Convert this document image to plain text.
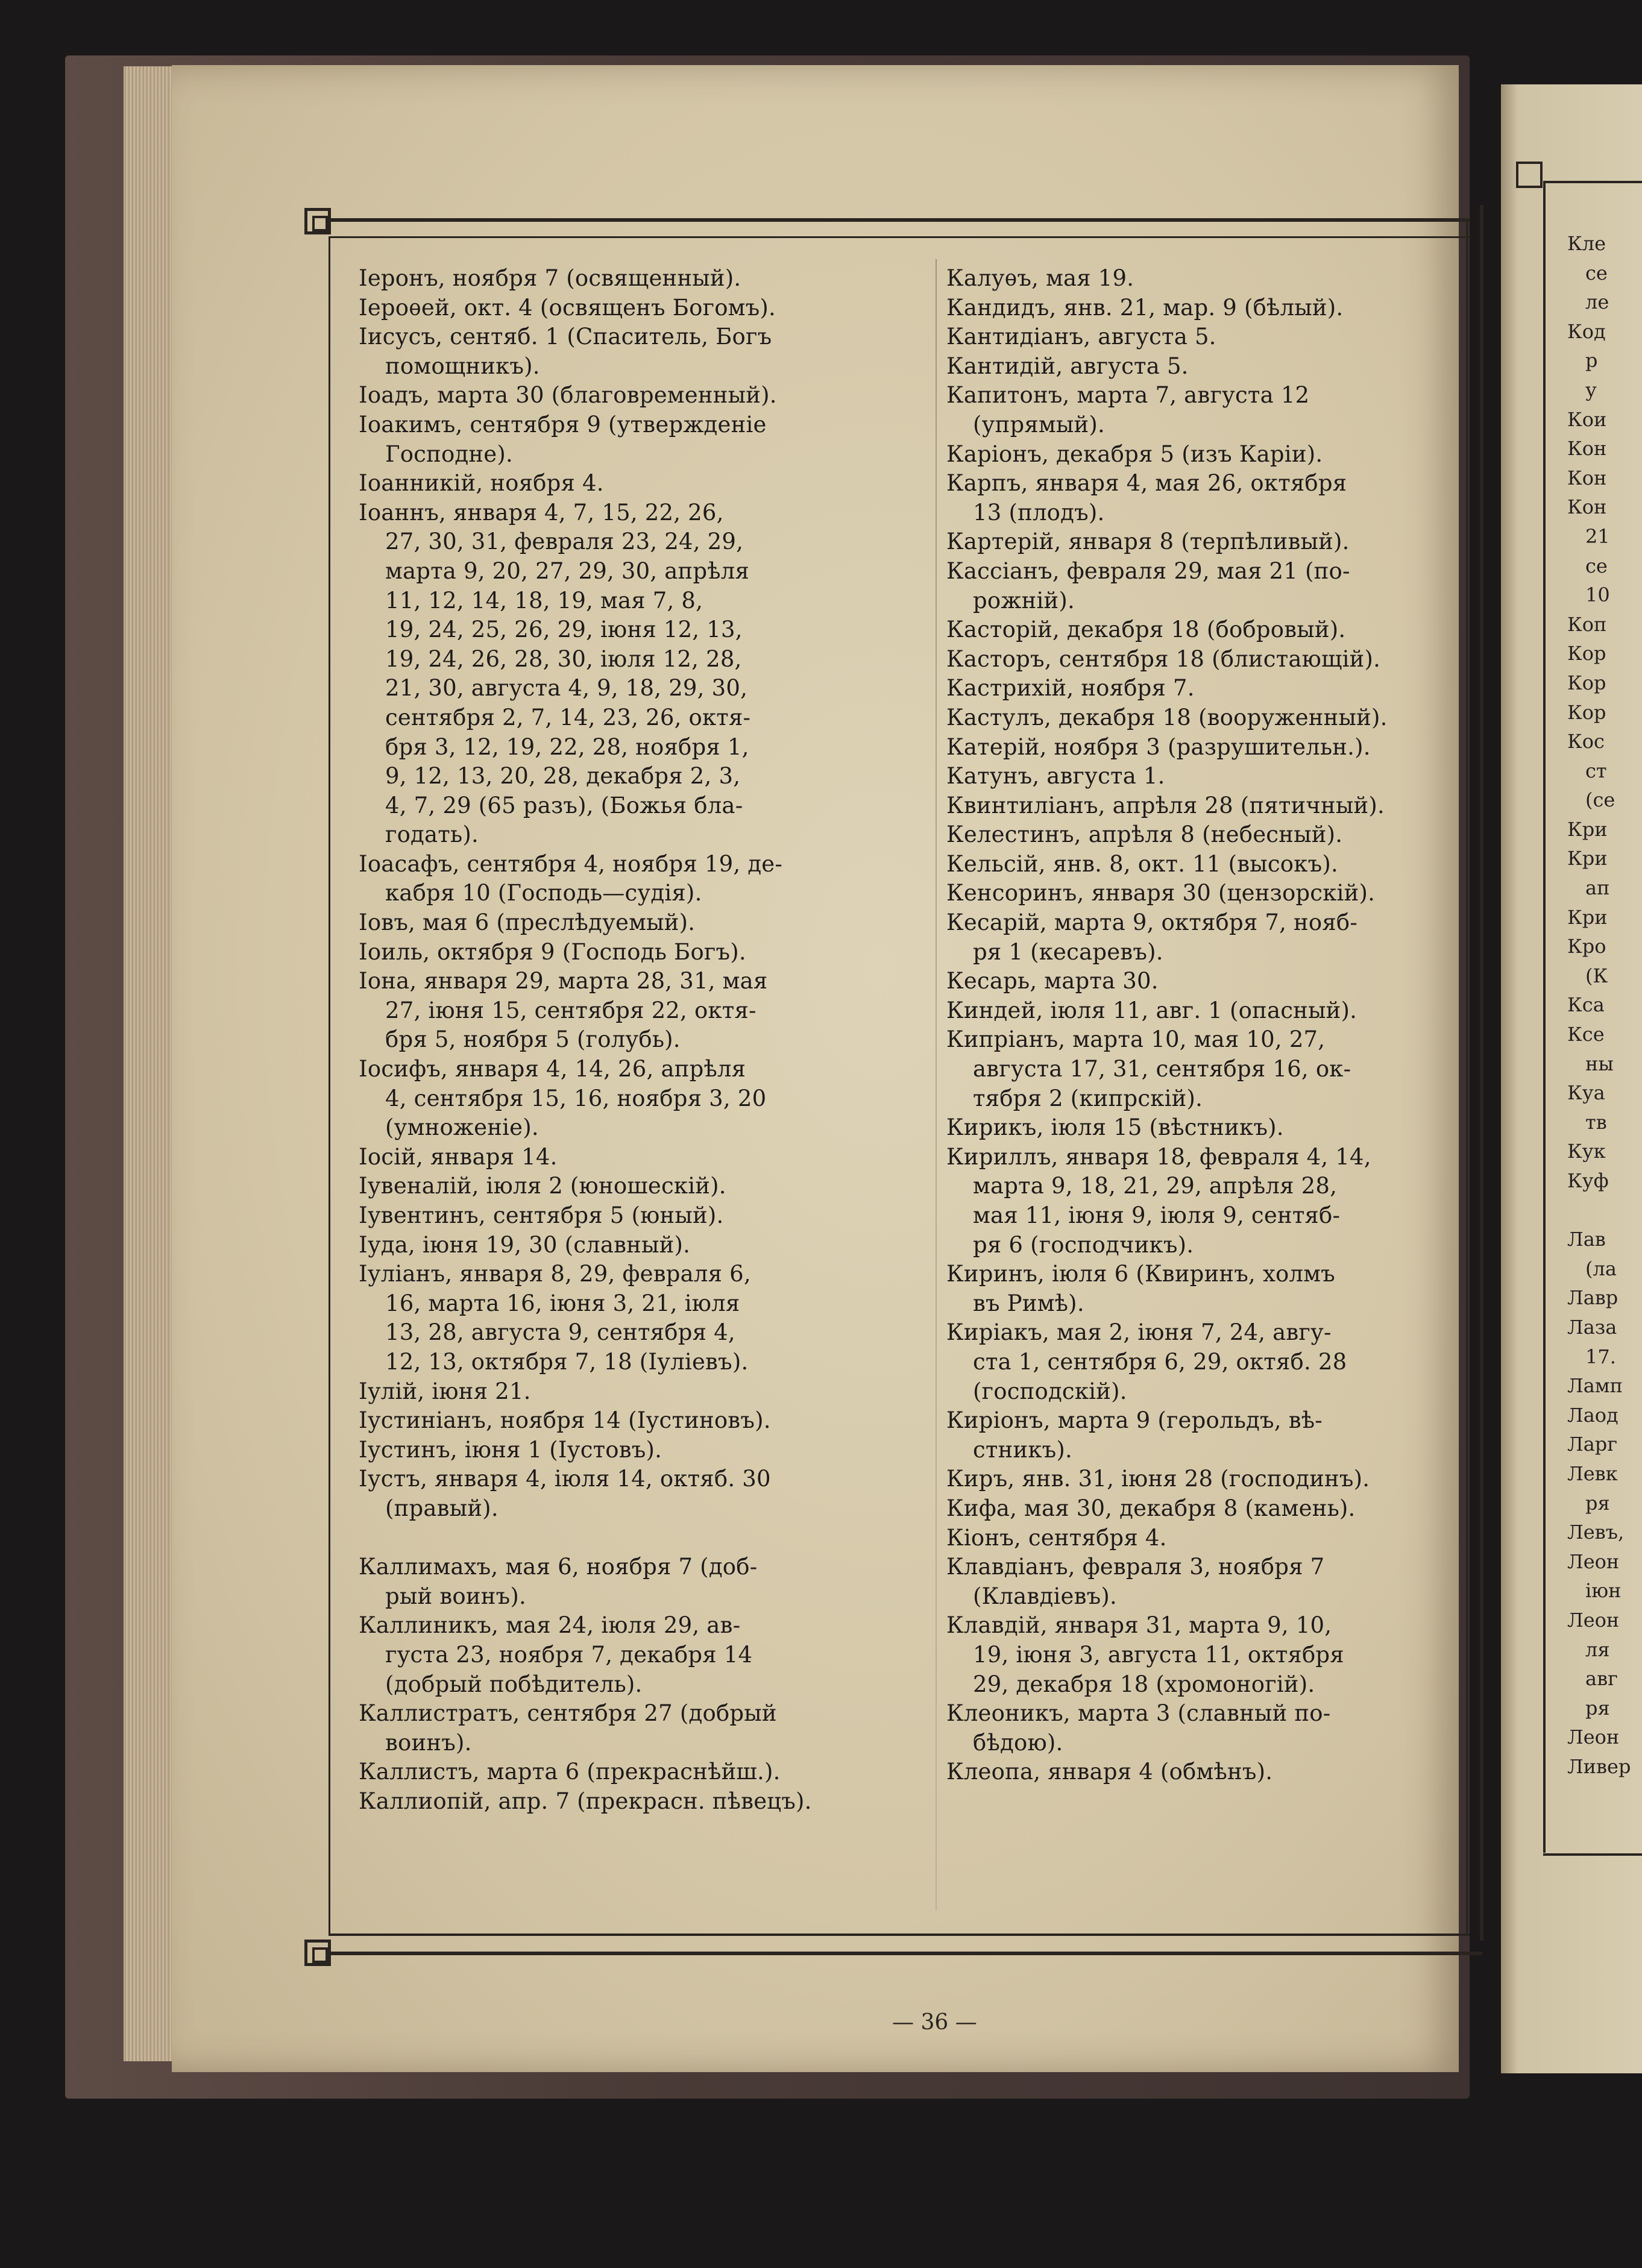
Кле
се
ле
Код
р
у
Кои
Кон
Кон
Кон
21
се
10
Коп
Кор
Кор
Кор
Кос
ст
(се
Кри
Кри
ап
Кри
Кро
(К
Кса
Ксе
ны
Куа
тв
Кук
Куф

Лав
(ла
Лавр
Лаза
17.
Ламп
Лаод
Ларг
Левк
ря
Левъ,
Леон
іюн
Леон
ля
авг
ря
Леон
Ливер
Іеронъ, ноября 7 (освященный).
Іероѳей, окт. 4 (освященъ Богомъ).
Іисусъ, сентяб. 1 (Спаситель, Богъ
помощникъ).
Іоадъ, марта 30 (благовременный).
Іоакимъ, сентября 9 (утвержденіе
Господне).
Іоанникій, ноября 4.
Іоаннъ, января 4, 7, 15, 22, 26,
27, 30, 31, февраля 23, 24, 29,
марта 9, 20, 27, 29, 30, апрѣля
11, 12, 14, 18, 19, мая 7, 8,
19, 24, 25, 26, 29, іюня 12, 13,
19, 24, 26, 28, 30, іюля 12, 28,
21, 30, августа 4, 9, 18, 29, 30,
сентября 2, 7, 14, 23, 26, октя-
бря 3, 12, 19, 22, 28, ноября 1,
9, 12, 13, 20, 28, декабря 2, 3,
4, 7, 29 (65 разъ), (Божья бла-
годать).
Іоасафъ, сентября 4, ноября 19, де-
кабря 10 (Господь—судія).
Іовъ, мая 6 (преслѣдуемый).
Іоиль, октября 9 (Господь Богъ).
Іона, января 29, марта 28, 31, мая
27, іюня 15, сентября 22, октя-
бря 5, ноября 5 (голубь).
Іосифъ, января 4, 14, 26, апрѣля
4, сентября 15, 16, ноября 3, 20
(умноженіе).
Іосій, января 14.
Іувеналій, іюля 2 (юношескій).
Іувентинъ, сентября 5 (юный).
Іуда, іюня 19, 30 (славный).
Іуліанъ, января 8, 29, февраля 6,
16, марта 16, іюня 3, 21, іюля
13, 28, августа 9, сентября 4,
12, 13, октября 7, 18 (Іуліевъ).
Іулій, іюня 21.
Іустиніанъ, ноября 14 (Іустиновъ).
Іустинъ, іюня 1 (Іустовъ).
Іустъ, января 4, іюля 14, октяб. 30
(правый).
Каллимахъ, мая 6, ноября 7 (доб-
рый воинъ).
Каллиникъ, мая 24, іюля 29, ав-
густа 23, ноября 7, декабря 14
(добрый побѣдитель).
Каллистратъ, сентября 27 (добрый
воинъ).
Каллистъ, марта 6 (прекраснѣйш.).
Каллиопій, апр. 7 (прекрасн. пѣвецъ).
Калуѳъ, мая 19.
Кандидъ, янв. 21, мар. 9 (бѣлый).
Кантидіанъ, августа 5.
Кантидій, августа 5.
Капитонъ, марта 7, августа 12
(упрямый).
Каріонъ, декабря 5 (изъ Каріи).
Карпъ, января 4, мая 26, октября
13 (плодъ).
Картерій, января 8 (терпѣливый).
Кассіанъ, февраля 29, мая 21 (по-
рожній).
Касторій, декабря 18 (бобровый).
Касторъ, сентября 18 (блистающій).
Кастрихій, ноября 7.
Кастулъ, декабря 18 (вооруженный).
Катерій, ноября 3 (разрушительн.).
Катунъ, августа 1.
Квинтиліанъ, апрѣля 28 (пятичный).
Келестинъ, апрѣля 8 (небесный).
Кельсій, янв. 8, окт. 11 (высокъ).
Кенсоринъ, января 30 (цензорскій).
Кесарій, марта 9, октября 7, нояб-
ря 1 (кесаревъ).
Кесарь, марта 30.
Киндей, іюля 11, авг. 1 (опасный).
Кипріанъ, марта 10, мая 10, 27,
августа 17, 31, сентября 16, ок-
тября 2 (кипрскій).
Кирикъ, іюля 15 (вѣстникъ).
Кириллъ, января 18, февраля 4, 14,
марта 9, 18, 21, 29, апрѣля 28,
мая 11, іюня 9, іюля 9, сентяб-
ря 6 (господчикъ).
Киринъ, іюля 6 (Квиринъ, холмъ
въ Римѣ).
Киріакъ, мая 2, іюня 7, 24, авгу-
ста 1, сентября 6, 29, октяб. 28
(господскій).
Киріонъ, марта 9 (герольдъ, вѣ-
стникъ).
Киръ, янв. 31, іюня 28 (господинъ).
Кифа, мая 30, декабря 8 (камень).
Кіонъ, сентября 4.
Клавдіанъ, февраля 3, ноября 7
(Клавдіевъ).
Клавдій, января 31, марта 9, 10,
19, іюня 3, августа 11, октября
29, декабря 18 (хромоногій).
Клеоникъ, марта 3 (славный по-
бѣдою).
Клеопа, января 4 (обмѣнъ).
— 36 —
